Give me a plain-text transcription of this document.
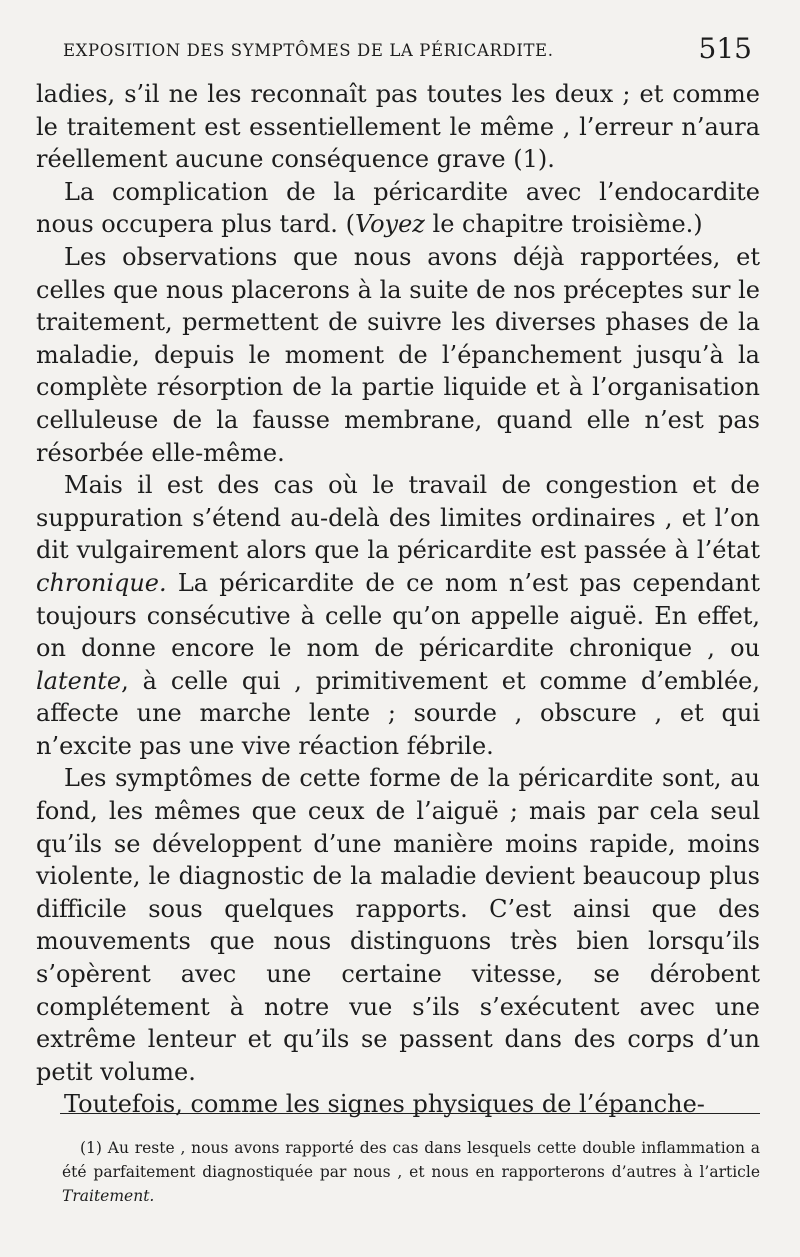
EXPOSITION DES SYMPTÔMES DE LA PÉRICARDITE.	515

ladies, s’il ne les reconnaît pas toutes les deux ; et comme le traitement est essentiellement le même , l’erreur n’aura réellement aucune conséquence grave (1).

La complication de la péricardite avec l’endocardite nous occupera plus tard. (Voyez le chapitre troisième.)

Les observations que nous avons déjà rapportées, et celles que nous placerons à la suite de nos préceptes sur le traitement, permettent de suivre les diverses phases de la maladie, depuis le moment de l’épanchement jusqu’à la complète résorption de la partie liquide et à l’organisation celluleuse de la fausse membrane, quand elle n’est pas résorbée elle-même.

Mais il est des cas où le travail de congestion et de suppuration s’étend au-delà des limites ordinaires , et l’on dit vulgairement alors que la péricardite est passée à l’état chronique. La péricardite de ce nom n’est pas cependant toujours consécutive à celle qu’on appelle aiguë. En effet, on donne encore le nom de péricardite chronique , ou latente, à celle qui , primitivement et comme d’emblée, affecte une marche lente ; sourde , obscure , et qui n’excite pas une vive réaction fébrile.

Les symptômes de cette forme de la péricardite sont, au fond, les mêmes que ceux de l’aiguë ; mais par cela seul qu’ils se développent d’une manière moins rapide, moins violente, le diagnostic de la maladie devient beaucoup plus difficile sous quelques rapports. C’est ainsi que des mouvements que nous distinguons très bien lorsqu’ils s’opèrent avec une certaine vitesse, se dérobent complétement à notre vue s’ils s’exécutent avec une extrême lenteur et qu’ils se passent dans des corps d’un petit volume.

Toutefois, comme les signes physiques de l’épanche-

(1) Au reste , nous avons rapporté des cas dans lesquels cette double inflammation a été parfaitement diagnostiquée par nous , et nous en rapporterons d’autres à l’article Traitement.
